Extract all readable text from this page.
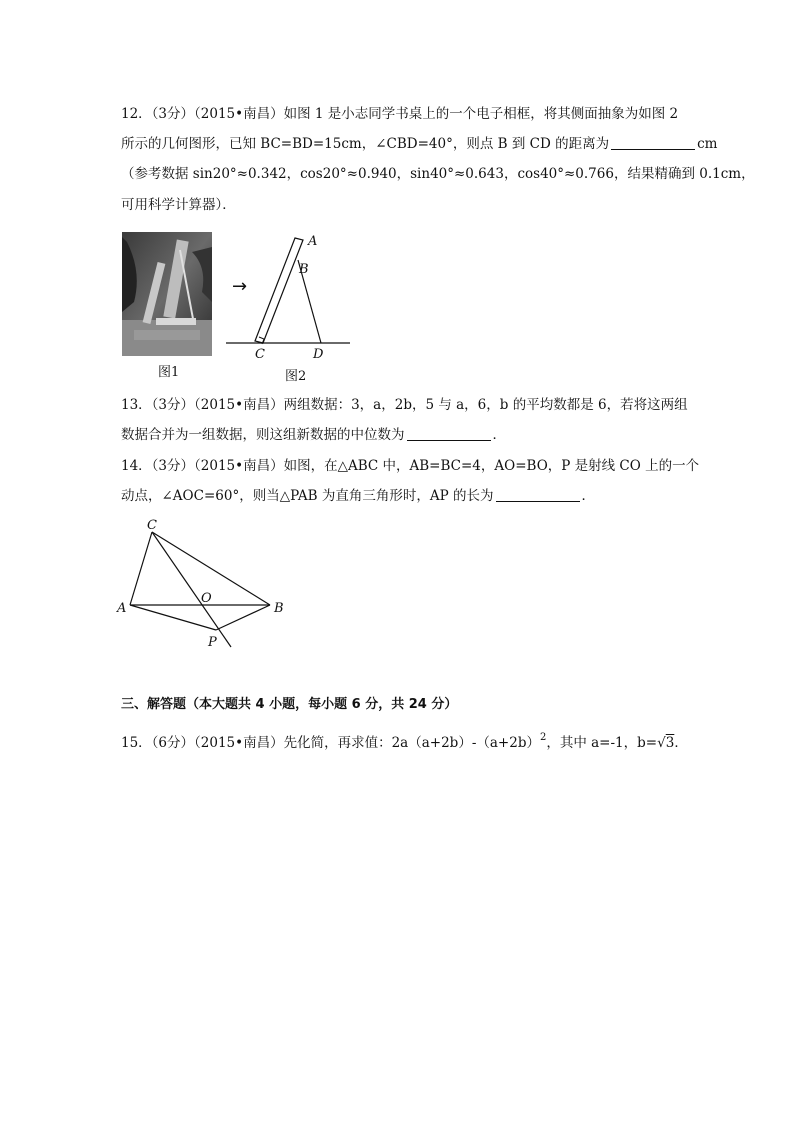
12．（3分）（2015•南昌）如图 1 是小志同学书桌上的一个电子相框，将其侧面抽象为如图 2
所示的几何图形，已知 BC=BD=15cm，∠CBD=40°，则点 B 到 CD 的距离为	cm
（参考数据 sin20°≈0.342，cos20°≈0.940，sin40°≈0.643，cos40°≈0.766，结果精确到 0.1cm，
可用科学计算器）．
图1
→
A
B
C	D
图2
13．（3分）（2015•南昌）两组数据：3，a，2b，5 与 a，6，b 的平均数都是 6，若将这两组
数据合并为一组数据，则这组新数据的中位数为	．
14．（3分）（2015•南昌）如图，在△ABC 中，AB=BC=4，AO=BO，P 是射线 CO 上的一个
动点，∠AOC=60°，则当△PAB 为直角三角形时，AP 的长为	．
C
A
O
B
P
三、解答题（本大题共 4 小题，每小题 6 分，共 24 分）
15．（6分）（2015•南昌）先化简，再求值：$2a(a+2b)-(a+2b)^2$，其中 a=-1，b=√3．
